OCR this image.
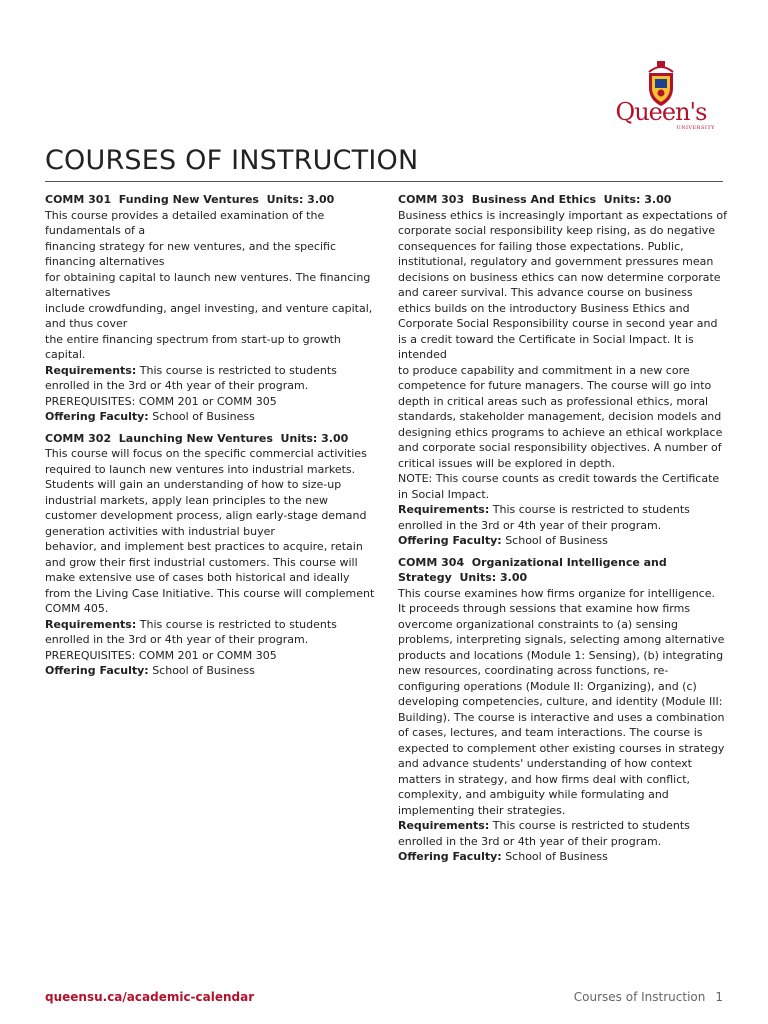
Queen's
UNIVERSITY
COURSES OF INSTRUCTION

COMM 301  Funding New Ventures  Units: 3.00

This course provides a detailed examination of the fundamentals of a
financing strategy for new ventures, and the specific financing alternatives
for obtaining capital to launch new ventures. The financing alternatives
include crowdfunding, angel investing, and venture capital, and thus cover
the entire financing spectrum from start-up to growth capital.

Requirements: This course is restricted to students enrolled in the 3rd or 4th year of their program. PREREQUISITES: COMM 201 or COMM 305

Offering Faculty: School of Business

COMM 302  Launching New Ventures  Units: 3.00

This course will focus on the specific commercial activities required to launch new ventures into industrial markets. Students will gain an understanding of how to size-up industrial markets, apply lean principles to the new customer development process, align early-stage demand generation activities with industrial buyer
behavior, and implement best practices to acquire, retain and grow their first industrial customers. This course will make extensive use of cases both historical and ideally
from the Living Case Initiative. This course will complement COMM 405.

Requirements: This course is restricted to students enrolled in the 3rd or 4th year of their program. PREREQUISITES: COMM 201 or COMM 305

Offering Faculty: School of Business

COMM 303  Business And Ethics  Units: 3.00

Business ethics is increasingly important as expectations of corporate social responsibility keep rising, as do negative consequences for failing those expectations. Public, institutional, regulatory and government pressures mean decisions on business ethics can now determine corporate and career survival. This advance course on business ethics builds on the introductory Business Ethics and Corporate Social Responsibility course in second year and is a credit toward the Certificate in Social Impact. It is intended
to produce capability and commitment in a new core competence for future managers. The course will go into depth in critical areas such as professional ethics, moral standards, stakeholder management, decision models and designing ethics programs to achieve an ethical workplace and corporate social responsibility objectives. A number of critical issues will be explored in depth.
NOTE: This course counts as credit towards the Certificate in Social Impact.

Requirements: This course is restricted to students enrolled in the 3rd or 4th year of their program.

Offering Faculty: School of Business

COMM 304  Organizational Intelligence and
Strategy  Units: 3.00

This course examines how firms organize for intelligence.
It proceeds through sessions that examine how firms overcome organizational constraints to (a) sensing problems, interpreting signals, selecting among alternative products and locations (Module 1: Sensing), (b) integrating new resources, coordinating across functions, re-configuring operations (Module II: Organizing), and (c) developing competencies, culture, and identity (Module III: Building). The course is interactive and uses a combination of cases, lectures, and team interactions. The course is expected to complement other existing courses in strategy and advance students' understanding of how context matters in strategy, and how firms deal with conflict, complexity, and ambiguity while formulating and implementing their strategies.

Requirements: This course is restricted to students enrolled in the 3rd or 4th year of their program.

Offering Faculty: School of Business

queensu.ca/academic-calendar	Courses of Instruction 1
